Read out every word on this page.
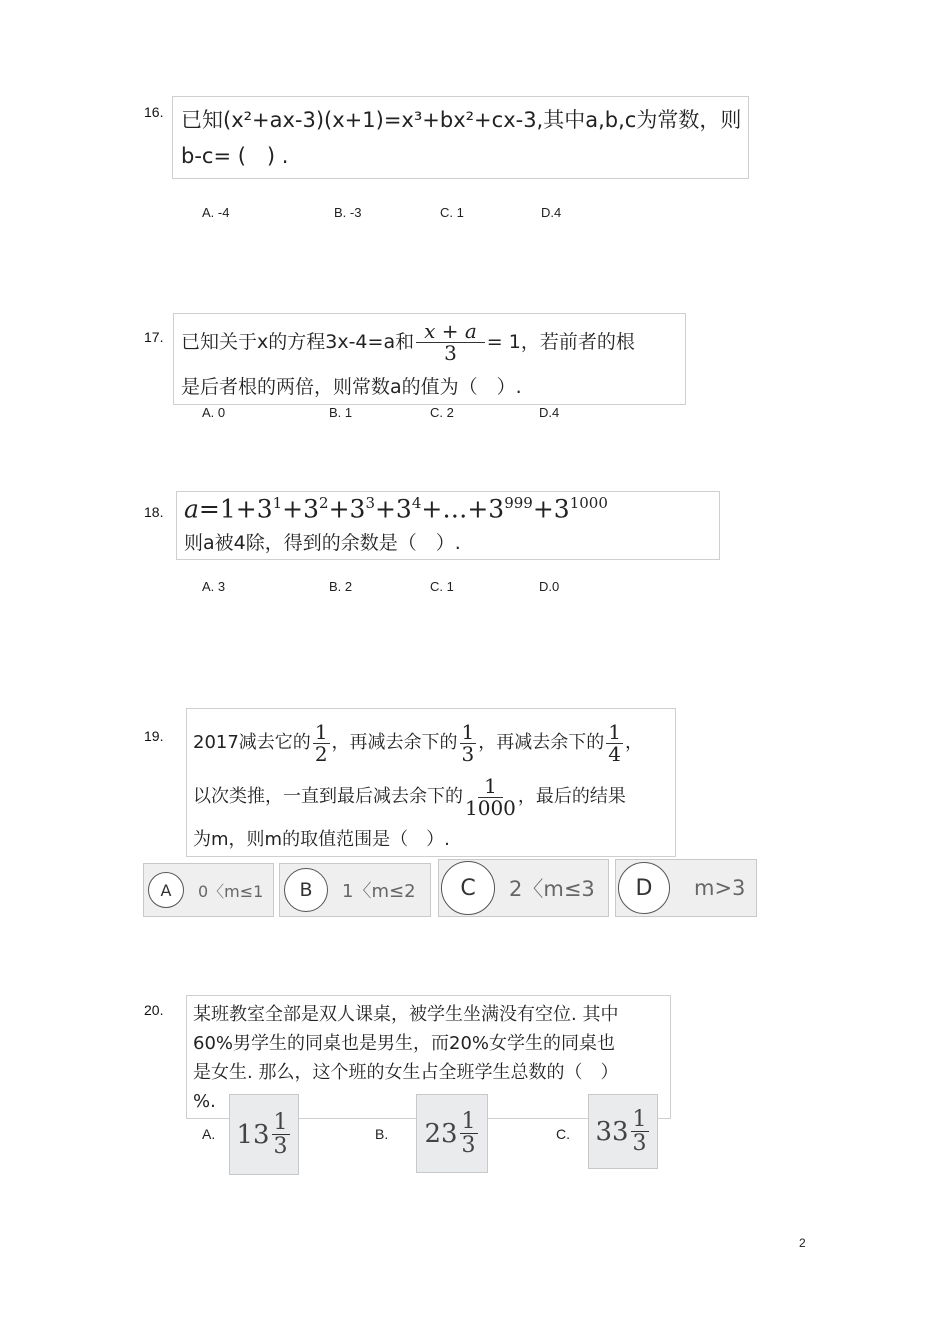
16. 已知(x²+ax-3)(x+1)=x³+bx²+cx-3,其中a,b,c为常数，则
b-c= (　) .
A. -4	B. -3	C. 1	D.4
17. 已知关于x的方程3x-4=a和 $\frac{x + a}{3} = 1$，若前者的根
是后者根的两倍，则常数a的值为（　）.
A. 0	B. 1	C. 2	D.4
18. $a=1+3^1+3^2+3^3+3^4+\dots+3^{999}+3^{1000}$
则a被4除，得到的余数是（　）.
A. 3	B. 2	C. 1	D.0
19. 2017减去它的 $\frac{1}{2}$ ，再减去余下的 $\frac{1}{3}$ ，再减去余下的 $\frac{1}{4}$ ，
以次类推，一直到最后减去余下的 $\frac{1}{1000}$ ，最后的结果
为m，则m的取值范围是（　）.
A	0〈m≤1	B	1〈m≤2	C	2〈m≤3	D	m>3
20. 某班教室全部是双人课桌，被学生坐满没有空位. 其中
60%男学生的同桌也是男生，而20%女学生的同桌也
是女生. 那么，这个班的女生占全班学生总数的（　）
%.
A. $13 \frac{1}{3}$	B. $23 \frac{1}{3}$	C. $33 \frac{1}{3}$
2
